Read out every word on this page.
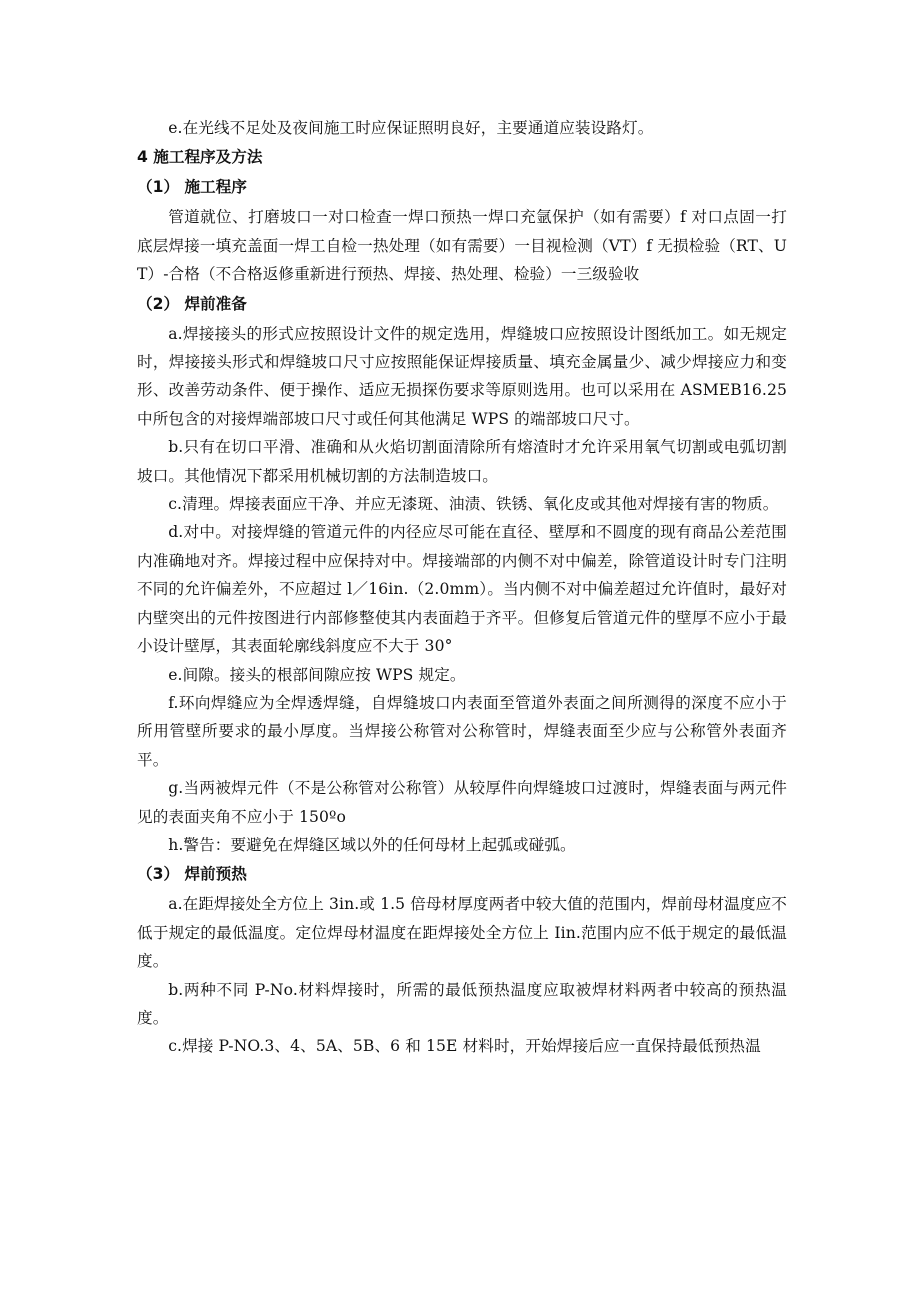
e.在光线不足处及夜间施工时应保证照明良好，主要通道应装设路灯。

4 施工程序及方法
（1） 施工程序

管道就位、打磨坡口一对口检查一焊口预热一焊口充氩保护（如有需要）f 对口点固一打底层焊接一填充盖面一焊工自检一热处理（如有需要）一目视检测（VT）f 无损检验（RT、UT）-合格（不合格返修重新进行预热、焊接、热处理、检验）一三级验收

（2） 焊前准备

a.焊接接头的形式应按照设计文件的规定选用，焊缝坡口应按照设计图纸加工。如无规定时，焊接接头形式和焊缝坡口尺寸应按照能保证焊接质量、填充金属量少、减少焊接应力和变形、改善劳动条件、便于操作、适应无损探伤要求等原则选用。也可以采用在 ASMEB16.25 中所包含的对接焊端部坡口尺寸或任何其他满足 WPS 的端部坡口尺寸。

b.只有在切口平滑、准确和从火焰切割面清除所有熔渣时才允许采用氧气切割或电弧切割坡口。其他情况下都采用机械切割的方法制造坡口。

c.清理。焊接表面应干净、并应无漆斑、油渍、铁锈、氧化皮或其他对焊接有害的物质。

d.对中。对接焊缝的管道元件的内径应尽可能在直径、壁厚和不圆度的现有商品公差范围内准确地对齐。焊接过程中应保持对中。焊接端部的内侧不对中偏差，除管道设计时专门注明不同的允许偏差外，不应超过 l／16in.（2.0mm）。当内侧不对中偏差超过允许值时，最好对内壁突出的元件按图进行内部修整使其内表面趋于齐平。但修复后管道元件的壁厚不应小于最小设计壁厚，其表面轮廓线斜度应不大于 30°

e.间隙。接头的根部间隙应按 WPS 规定。

f.环向焊缝应为全焊透焊缝，自焊缝坡口内表面至管道外表面之间所测得的深度不应小于所用管壁所要求的最小厚度。当焊接公称管对公称管时，焊缝表面至少应与公称管外表面齐平。

g.当两被焊元件（不是公称管对公称管）从较厚件向焊缝坡口过渡时，焊缝表面与两元件见的表面夹角不应小于 150ºo

h.警告：要避免在焊缝区域以外的任何母材上起弧或碰弧。

（3） 焊前预热

a.在距焊接处全方位上 3in.或 1.5 倍母材厚度两者中较大值的范围内，焊前母材温度应不低于规定的最低温度。定位焊母材温度在距焊接处全方位上 Iin.范围内应不低于规定的最低温度。

b.两种不同 P-No.材料焊接时，所需的最低预热温度应取被焊材料两者中较高的预热温度。

c.焊接 P-NO.3、4、5A、5B、6 和 15E 材料时，开始焊接后应一直保持最低预热温
